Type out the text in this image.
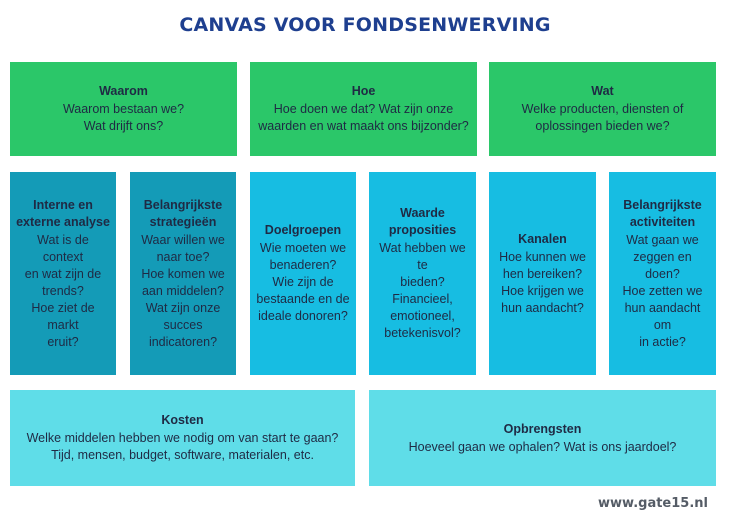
CANVAS VOOR FONDSENWERVING
Waarom
Waarom bestaan we?
Wat drijft ons?
Hoe
Hoe doen we dat? Wat zijn onze
waarden en wat maakt ons bijzonder?
Wat
Welke producten, diensten of
oplossingen bieden we?
Interne en
externe analyse
Wat is de context
en wat zijn de
trends?
Hoe ziet de markt
eruit?
Belangrijkste
strategieën
Waar willen we
naar toe?
Hoe komen we
aan middelen?
Wat zijn onze
succes
indicatoren?
Doelgroepen
Wie moeten we
benaderen?
Wie zijn de
bestaande en de
ideale donoren?
Waarde
proposities
Wat hebben we te
bieden?
Financieel,
emotioneel,
betekenisvol?
Kanalen
Hoe kunnen we
hen bereiken?
Hoe krijgen we
hun aandacht?
Belangrijkste
activiteiten
Wat gaan we
zeggen en doen?
Hoe zetten we
hun aandacht om
in actie?
Kosten
Welke middelen hebben we nodig om van start te gaan?
Tijd, mensen, budget, software, materialen, etc.
Opbrengsten
Hoeveel gaan we ophalen? Wat is ons jaardoel?
www.gate15.nl
